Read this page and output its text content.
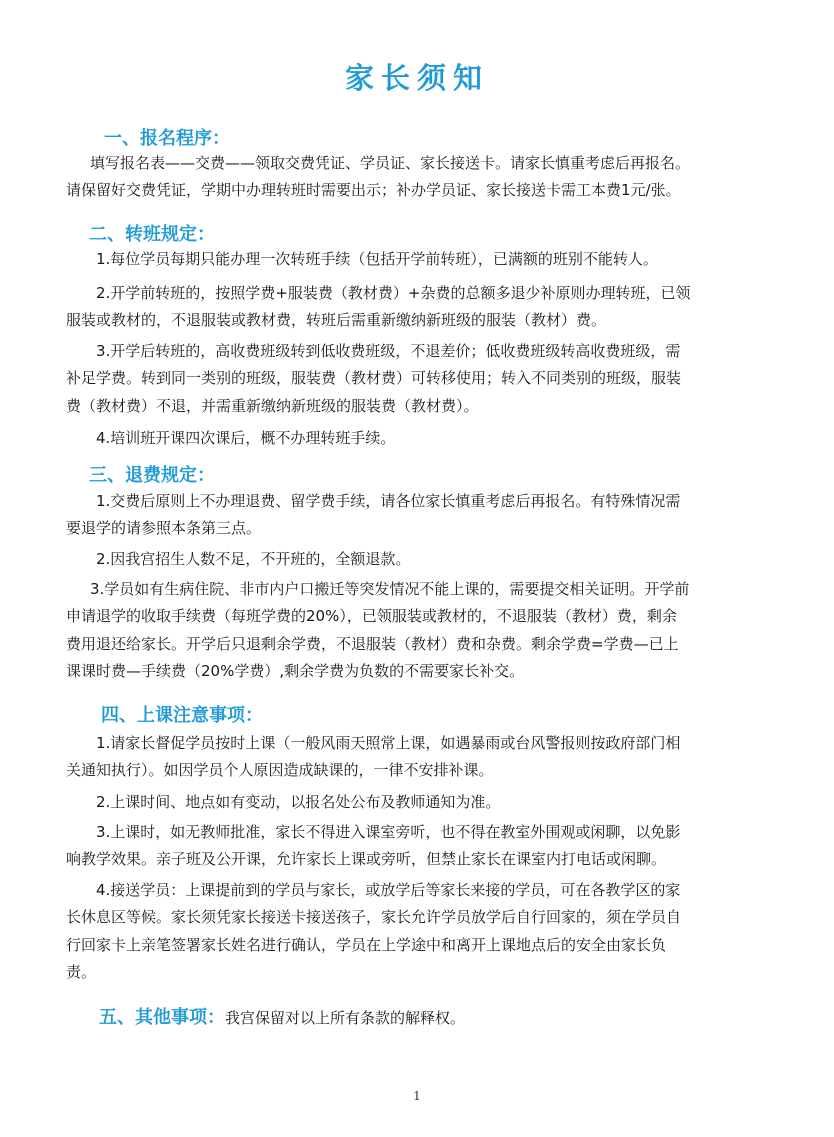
家长须知
一、报名程序：
填写报名表——交费——领取交费凭证、学员证、家长接送卡。请家长慎重考虑后再报名。
请保留好交费凭证，学期中办理转班时需要出示；补办学员证、家长接送卡需工本费1元/张。
二、转班规定：
1.每位学员每期只能办理一次转班手续（包括开学前转班），已满额的班别不能转人。
2.开学前转班的，按照学费+服装费（教材费）+杂费的总额多退少补原则办理转班，已领
服装或教材的，不退服装或教材费，转班后需重新缴纳新班级的服装（教材）费。
3.开学后转班的，高收费班级转到低收费班级，不退差价；低收费班级转高收费班级，需
补足学费。转到同一类别的班级，服装费（教材费）可转移使用；转入不同类别的班级，服装
费（教材费）不退，并需重新缴纳新班级的服装费（教材费）。
4.培训班开课四次课后，概不办理转班手续。
三、退费规定：
1.交费后原则上不办理退费、留学费手续，请各位家长慎重考虑后再报名。有特殊情况需
要退学的请参照本条第三点。
2.因我宫招生人数不足，不开班的，全额退款。
3.学员如有生病住院、非市内户口搬迁等突发情况不能上课的，需要提交相关证明。开学前
申请退学的收取手续费（每班学费的20%），已领服装或教材的，不退服装（教材）费，剩余
费用退还给家长。开学后只退剩余学费，不退服装（教材）费和杂费。剩余学费=学费—已上
课课时费—手续费（20%学费）,剩余学费为负数的不需要家长补交。
四、上课注意事项：
1.请家长督促学员按时上课（一般风雨天照常上课，如遇暴雨或台风警报则按政府部门相
关通知执行）。如因学员个人原因造成缺课的，一律不安排补课。
2.上课时间、地点如有变动，以报名处公布及教师通知为准。
3.上课时，如无教师批准，家长不得进入课室旁听，也不得在教室外围观或闲聊，以免影
响教学效果。亲子班及公开课，允许家长上课或旁听，但禁止家长在课室内打电话或闲聊。
4.接送学员：上课提前到的学员与家长，或放学后等家长来接的学员，可在各教学区的家
长休息区等候。家长须凭家长接送卡接送孩子，家长允许学员放学后自行回家的，须在学员自
行回家卡上亲笔签署家长姓名进行确认，学员在上学途中和离开上课地点后的安全由家长负
责。
五、其他事项：我宫保留对以上所有条款的解释权。
1
